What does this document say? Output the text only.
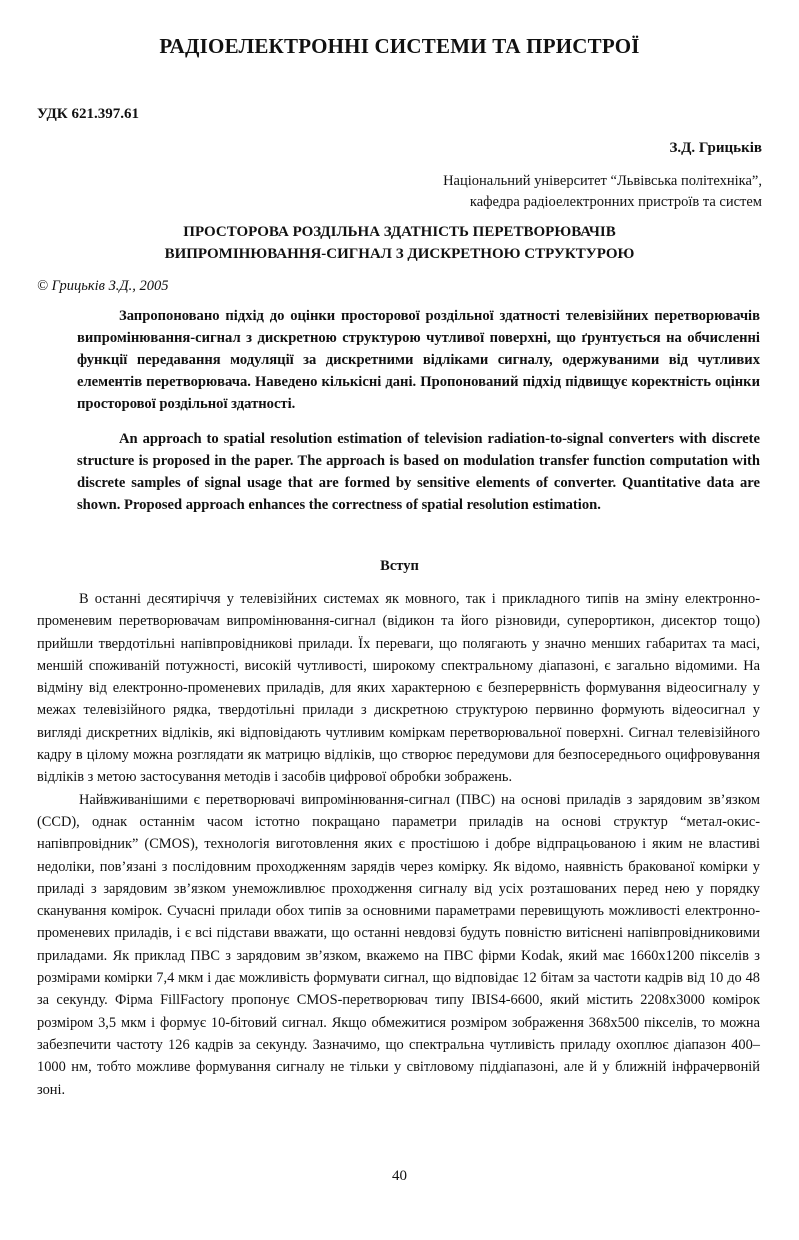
РАДІОЕЛЕКТРОННІ СИСТЕМИ ТА ПРИСТРОЇ
УДК 621.397.61
З.Д. Грицьків
Національний університет “Львівська політехніка”,
кафедра радіоелектронних пристроїв та систем
ПРОСТОРОВА РОЗДІЛЬНА ЗДАТНІСТЬ ПЕРЕТВОРЮВАЧІВ
ВИПРОМІНЮВАННЯ-СИГНАЛ З ДИСКРЕТНОЮ СТРУКТУРОЮ
© Грицьків З.Д., 2005

Запропоновано підхід до оцінки просторової роздільної здатності телевізійних перетворювачів випромінювання-сигнал з дискретною структурою чутливої поверхні, що ґрунтується на обчисленні функції передавання модуляції за дискретними відліками сигналу, одержуваними від чутливих елементів перетворювача. Наведено кількісні дані. Пропонований підхід підвищує коректність оцінки просторової роздільної здатності.

An approach to spatial resolution estimation of television radiation-to-signal converters with discrete structure is proposed in the paper. The approach is based on modulation transfer function computation with discrete samples of signal usage that are formed by sensitive elements of converter. Quantitative data are shown. Proposed approach enhances the correctness of spatial resolution estimation.

Вступ

В останні десятиріччя у телевізійних системах як мовного, так і прикладного типів на зміну електронно-променевим перетворювачам випромінювання-сигнал (відикон та його різновиди, суперортикон, дисектор тощо) прийшли твердотільні напівпровідникові прилади. Їх переваги, що полягають у значно менших габаритах та масі, меншій споживаній потужності, високій чутливості, широкому спектральному діапазоні, є загально відомими. На відміну від електронно-променевих приладів, для яких характерною є безперервність формування відеосигналу у межах телевізійного рядка, твердотільні прилади з дискретною структурою первинно формують відеосигнал у вигляді дискретних відліків, які відповідають чутливим коміркам перетворювальної поверхні. Сигнал телевізійного кадру в цілому можна розглядати як матрицю відліків, що створює передумови для безпосереднього оцифровування відліків з метою застосування методів і засобів цифрової обробки зображень.

Найвживанішими є перетворювачі випромінювання-сигнал (ПВС) на основі приладів з зарядовим зв’язком (CCD), однак останнім часом істотно покращано параметри приладів на основі структур “метал-окис-напівпровідник” (CMOS), технологія виготовлення яких є простішою і добре відпрацьованою і яким не властиві недоліки, пов’язані з послідовним проходженням зарядів через комірку. Як відомо, наявність бракованої комірки у приладі з зарядовим зв’язком унеможливлює проходження сигналу від усіх розташованих перед нею у порядку сканування комірок. Сучасні прилади обох типів за основними параметрами перевищують можливості електронно-променевих приладів, і є всі підстави вважати, що останні невдовзі будуть повністю витіснені напівпровідниковими приладами. Як приклад ПВС з зарядовим зв’язком, вкажемо на ПВС фірми Kodak, який має 1660x1200 пікселів з розмірами комірки 7,4 мкм і дає можливість формувати сигнал, що відповідає 12 бітам за частоти кадрів від 10 до 48 за секунду. Фірма FillFactory пропонує CMOS-перетворювач типу IBIS4-6600, який містить 2208x3000 комірок розміром 3,5 мкм і формує 10-бітовий сигнал. Якщо обмежитися розміром зображення 368x500 пікселів, то можна забезпечити частоту 126 кадрів за секунду. Зазначимо, що спектральна чутливість приладу охоплює діапазон 400–1000 нм, тобто можливе формування сигналу не тільки у світловому піддіапазоні, але й у ближній інфрачервоній зоні.

40
